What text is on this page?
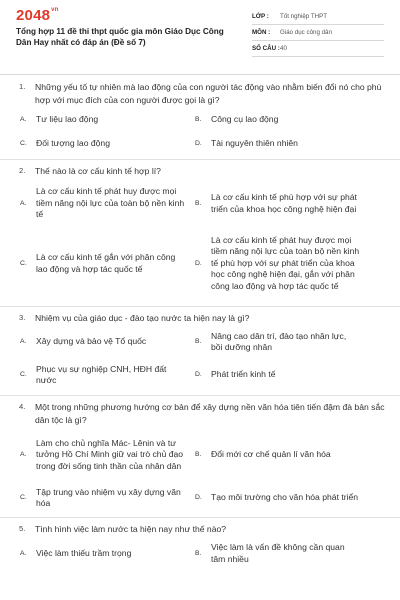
$2048^{vn}$
Tổng hợp 11 đề thi thpt quốc gia môn Giáo Dục Công Dân Hay nhất có đáp án (Đề số 7)
LỚP :	Tốt nghiệp THPT
MÔN :	Giáo dục công dân
SỐ CÂU : 40
1. Những yếu tố tự nhiên mà lao động của con người tác động vào nhằm biến đổi nó cho phù hợp với mục đích của con người được gọi là gì?
A.	Tư liệu lao động	B.	Công cụ lao động
C.	Đối tượng lao động	D.	Tài nguyên thiên nhiên
2. Thế nào là cơ cấu kinh tế hợp lí?
A.
Là cơ cấu kinh tế phát huy được mọi tiềm năng nội lực của toàn bộ nền kinh tế
B.
Là cơ cấu kinh tế phù hợp với sự phát triển của khoa học công nghệ hiện đại
C.
Là cơ cấu kinh tế gắn với phân công lao động và hợp tác quốc tế
D.
Là cơ cấu kinh tế phát huy được mọi tiềm năng nội lực của toàn bộ nền kinh tế phù hợp với sự phát triển của khoa học công nghệ hiện đại, gắn với phân công lao động và hợp tác quốc tế
3. Nhiệm vụ của giáo dục - đào tạo nước ta hiện nay là gì?
A.	Xây dựng và bảo vệ Tổ quốc	B.
Nâng cao dân trí, đào tạo nhân lực, bồi dưỡng nhân
C.
Phục vụ sự nghiệp CNH, HĐH đất nước
D.	Phát triển kinh tế
4. Một trong những phương hướng cơ bản để xây dựng nền văn hóa tiên tiến đậm đà bản sắc dân tộc là gì?
A.
Làm cho chủ nghĩa Mác- Lênin và tư tưởng Hồ Chí Minh giữ vai trò chủ đạo trong đời sống tinh thần của nhân dân
B.	Đổi mới cơ chế quản lí văn hóa
C.
Tập trung vào nhiệm vụ xây dựng văn hóa
D.	Tạo môi trường cho văn hóa phát triển
5. Tình hình việc làm nước ta hiện nay như thế nào?
A.	Việc làm thiếu trầm trọng	B.
Việc làm là vấn đề không cần quan tâm nhiều
